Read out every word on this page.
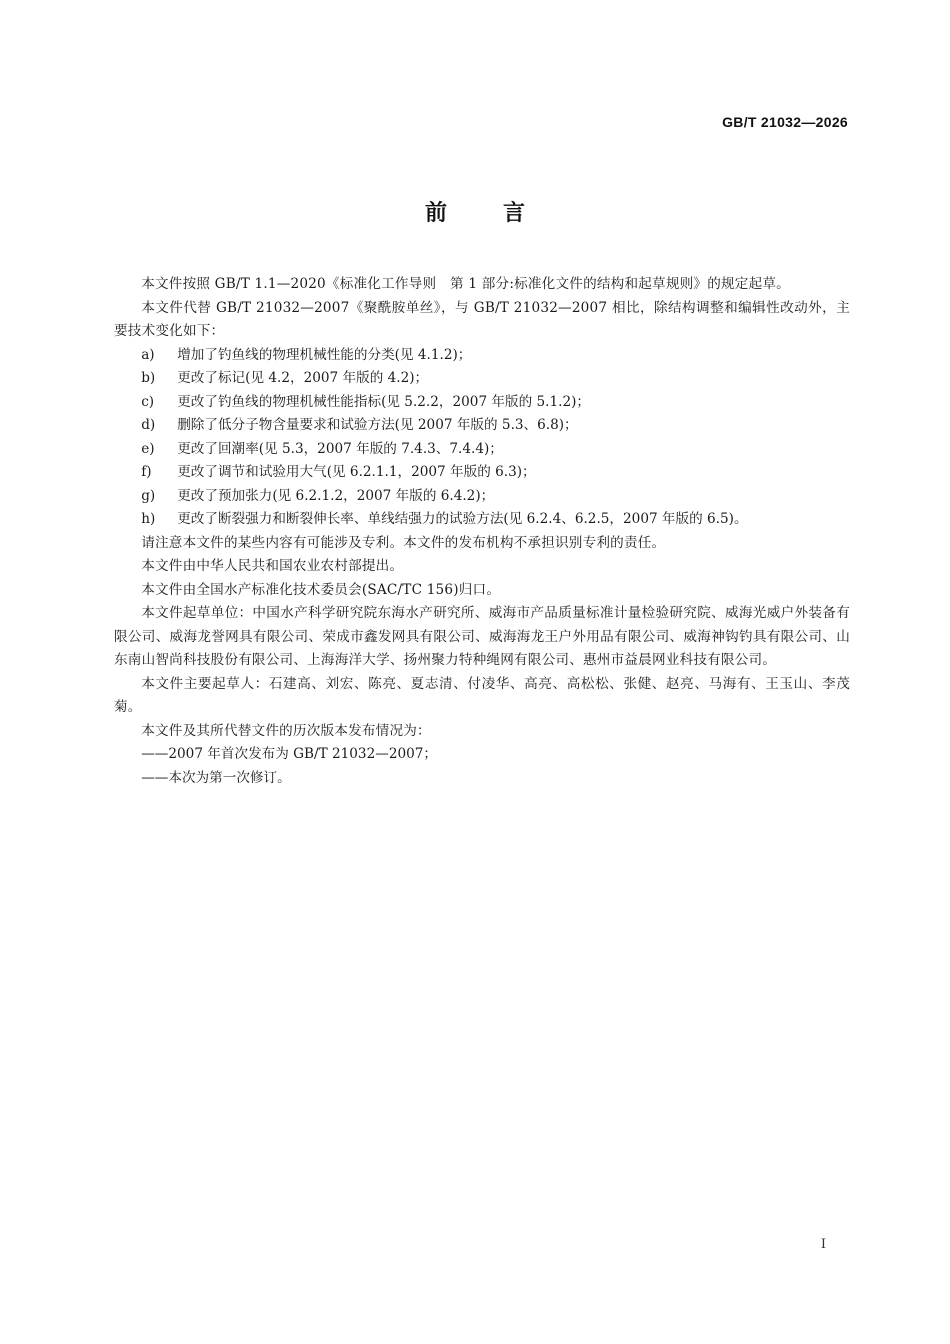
GB/T 21032—2026
前言

本文件按照 GB/T 1.1—2020《标准化工作导则　第 1 部分:标准化文件的结构和起草规则》的规定起草。

本文件代替 GB/T 21032—2007《聚酰胺单丝》，与 GB/T 21032—2007 相比，除结构调整和编辑性改动外，主要技术变化如下：

a)	增加了钓鱼线的物理机械性能的分类(见 4.1.2)；

b)	更改了标记(见 4.2，2007 年版的 4.2)；

c)	更改了钓鱼线的物理机械性能指标(见 5.2.2，2007 年版的 5.1.2)；

d)	删除了低分子物含量要求和试验方法(见 2007 年版的 5.3、6.8)；

e)	更改了回潮率(见 5.3，2007 年版的 7.4.3、7.4.4)；

f)	更改了调节和试验用大气(见 6.2.1.1，2007 年版的 6.3)；

g)	更改了预加张力(见 6.2.1.2，2007 年版的 6.4.2)；

h)	更改了断裂强力和断裂伸长率、单线结强力的试验方法(见 6.2.4、6.2.5，2007 年版的 6.5)。

请注意本文件的某些内容有可能涉及专利。本文件的发布机构不承担识别专利的责任。

本文件由中华人民共和国农业农村部提出。

本文件由全国水产标准化技术委员会(SAC/TC 156)归口。

本文件起草单位：中国水产科学研究院东海水产研究所、威海市产品质量标准计量检验研究院、威海光威户外装备有限公司、威海龙誉网具有限公司、荣成市鑫发网具有限公司、威海海龙王户外用品有限公司、威海神钩钓具有限公司、山东南山智尚科技股份有限公司、上海海洋大学、扬州聚力特种绳网有限公司、惠州市益晨网业科技有限公司。

本文件主要起草人：石建高、刘宏、陈亮、夏志清、付凌华、高亮、高松松、张健、赵亮、马海有、王玉山、李茂菊。

本文件及其所代替文件的历次版本发布情况为：

——2007 年首次发布为 GB/T 21032—2007；

——本次为第一次修订。

I
